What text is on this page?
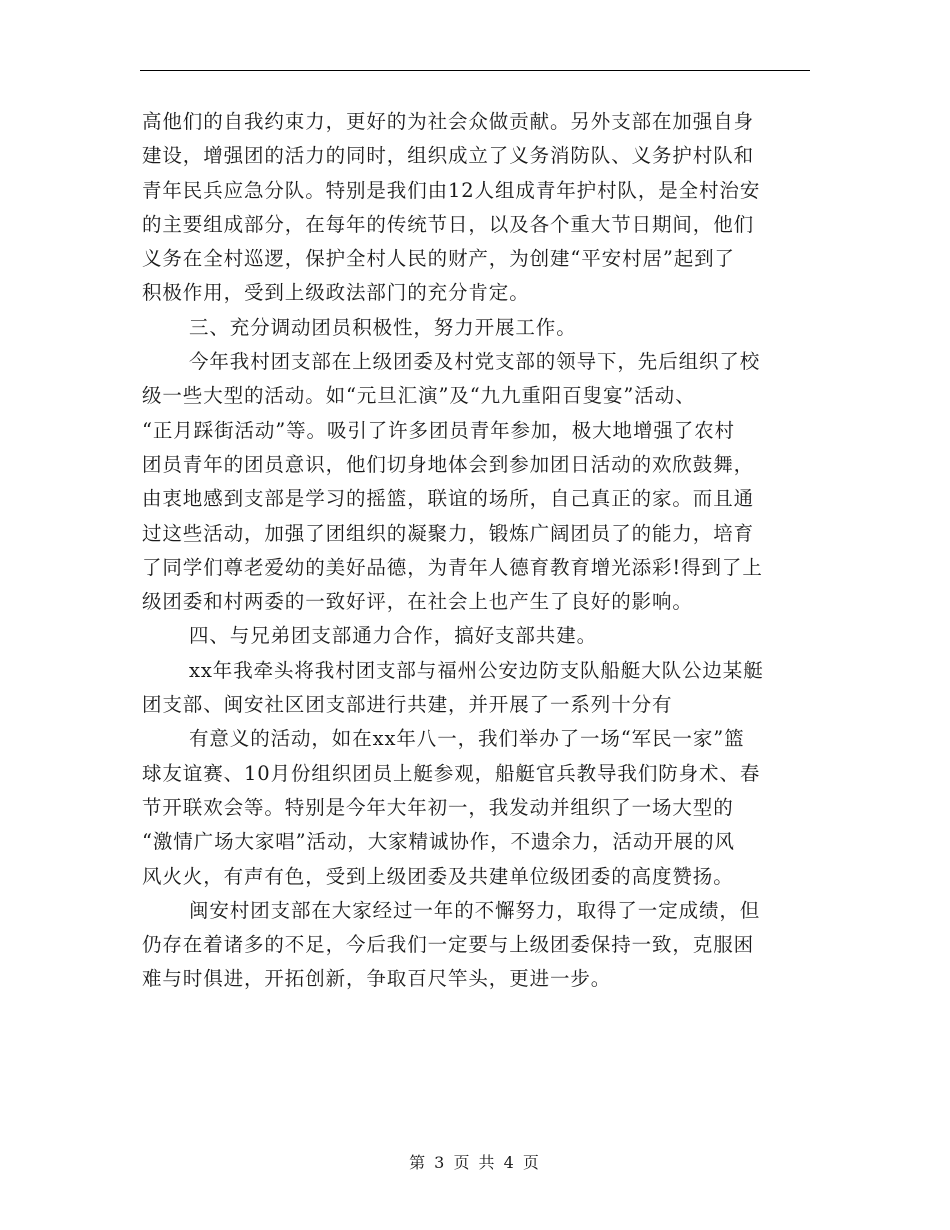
高他们的自我约束力，更好的为社会众做贡献。另外支部在加强自身
建设，增强团的活力的同时，组织成立了义务消防队、义务护村队和
青年民兵应急分队。特别是我们由12人组成青年护村队，是全村治安
的主要组成部分，在每年的传统节日，以及各个重大节日期间，他们
义务在全村巡逻，保护全村人民的财产，为创建“平安村居”起到了
积极作用，受到上级政法部门的充分肯定。
三、充分调动团员积极性，努力开展工作。
今年我村团支部在上级团委及村党支部的领导下，先后组织了校
级一些大型的活动。如“元旦汇演”及“九九重阳百叟宴”活动、
“正月踩街活动”等。吸引了许多团员青年参加，极大地增强了农村
团员青年的团员意识，他们切身地体会到参加团日活动的欢欣鼓舞，
由衷地感到支部是学习的摇篮，联谊的场所，自己真正的家。而且通
过这些活动，加强了团组织的凝聚力，锻炼广阔团员了的能力，培育
了同学们尊老爱幼的美好品德，为青年人德育教育增光添彩!得到了上
级团委和村两委的一致好评，在社会上也产生了良好的影响。
四、与兄弟团支部通力合作，搞好支部共建。
xx年我牵头将我村团支部与福州公安边防支队船艇大队公边某艇
团支部、闽安社区团支部进行共建，并开展了一系列十分有
有意义的活动，如在xx年八一，我们举办了一场“军民一家”篮
球友谊赛、10月份组织团员上艇参观，船艇官兵教导我们防身术、春
节开联欢会等。特别是今年大年初一，我发动并组织了一场大型的
“激情广场大家唱”活动，大家精诚协作，不遗余力，活动开展的风
风火火，有声有色，受到上级团委及共建单位级团委的高度赞扬。
闽安村团支部在大家经过一年的不懈努力，取得了一定成绩，但
仍存在着诸多的不足，今后我们一定要与上级团委保持一致，克服困
难与时俱进，开拓创新，争取百尺竿头，更进一步。
第 3 页 共 4 页
